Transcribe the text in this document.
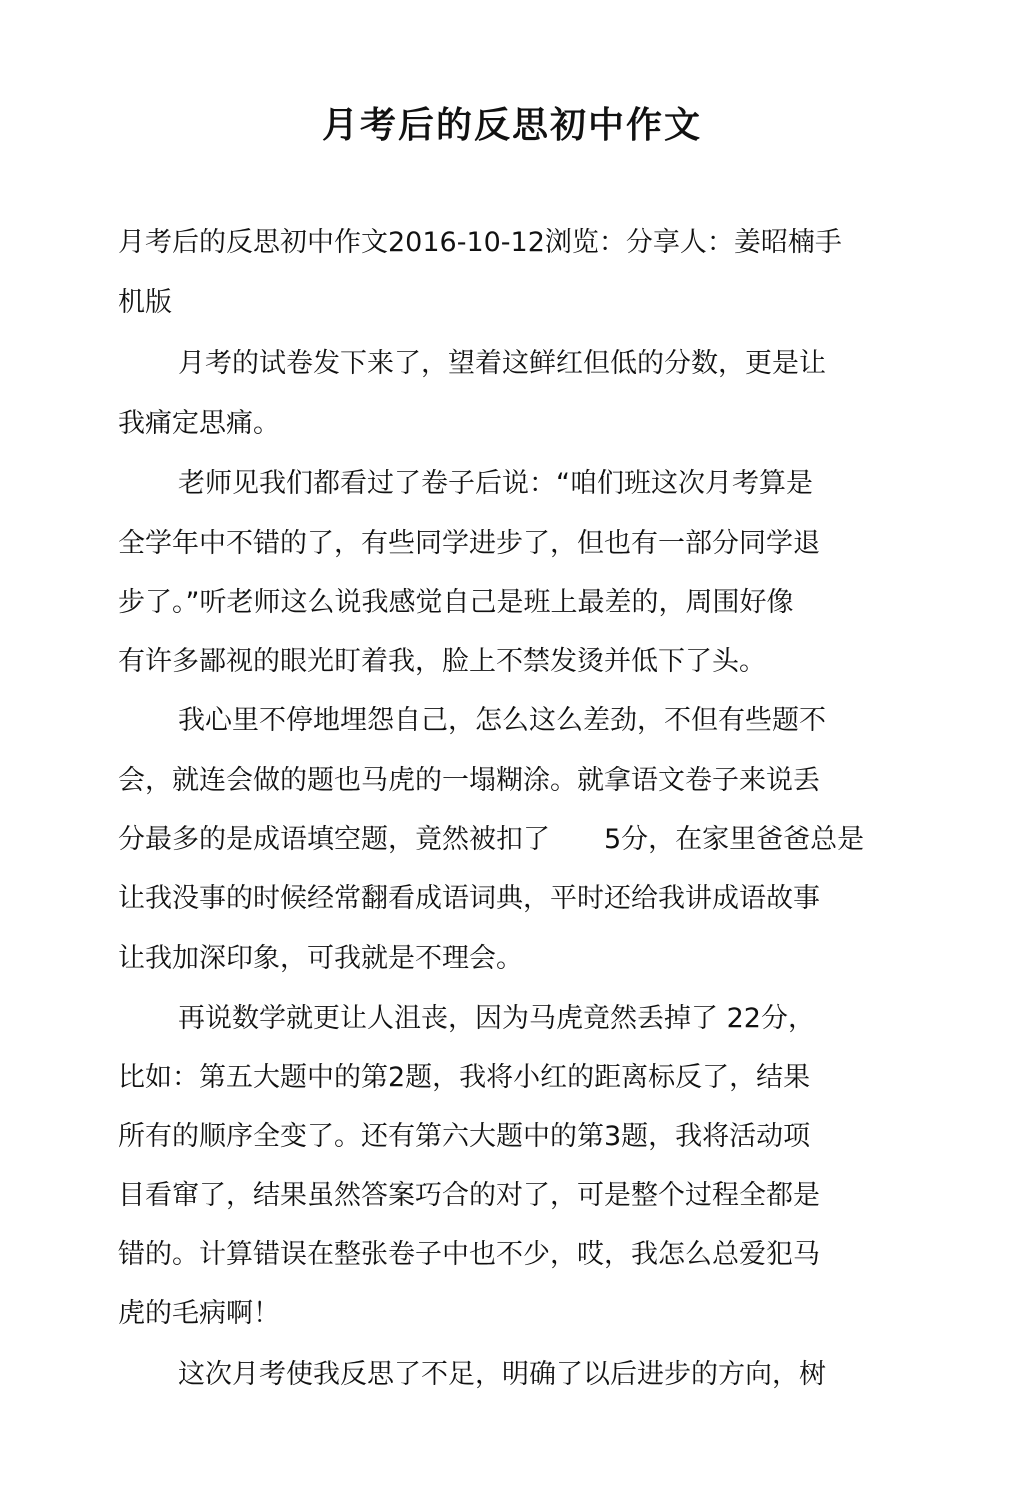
月考后的反思初中作文
月考后的反思初中作文2016-10-12浏览：分享人：姜昭楠手
机版
月考的试卷发下来了，望着这鲜红但低的分数，更是让
我痛定思痛。
老师见我们都看过了卷子后说：“咱们班这次月考算是
全学年中不错的了，有些同学进步了，但也有一部分同学退
步了。”听老师这么说我感觉自己是班上最差的，周围好像
有许多鄙视的眼光盯着我，脸上不禁发烫并低下了头。
我心里不停地埋怨自己，怎么这么差劲，不但有些题不
会，就连会做的题也马虎的一塌糊涂。就拿语文卷子来说丢
分最多的是成语填空题，竟然被扣了　　5分，在家里爸爸总是
让我没事的时候经常翻看成语词典，平时还给我讲成语故事
让我加深印象，可我就是不理会。
再说数学就更让人沮丧，因为马虎竟然丢掉了 22分，
比如：第五大题中的第2题，我将小红的距离标反了，结果
所有的顺序全变了。还有第六大题中的第3题，我将活动项
目看窜了，结果虽然答案巧合的对了，可是整个过程全都是
错的。计算错误在整张卷子中也不少，哎，我怎么总爱犯马
虎的毛病啊！
这次月考使我反思了不足，明确了以后进步的方向，树
